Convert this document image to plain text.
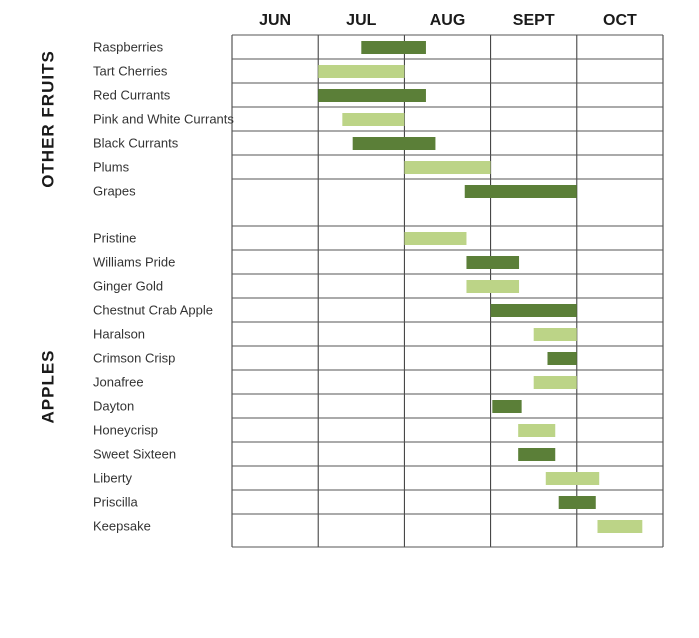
JUN	JUL	AUG	SEPT	OCT
Raspberries
Tart Cherries
Red Currants
Pink and White Currants
Black Currants
Plums
Grapes
Pristine
Williams Pride
Ginger Gold
Chestnut Crab Apple
Haralson
Crimson Crisp
Jonafree
Dayton
Honeycrisp
Sweet Sixteen
Liberty
Priscilla
Keepsake
OTHER FRUITS
APPLES
